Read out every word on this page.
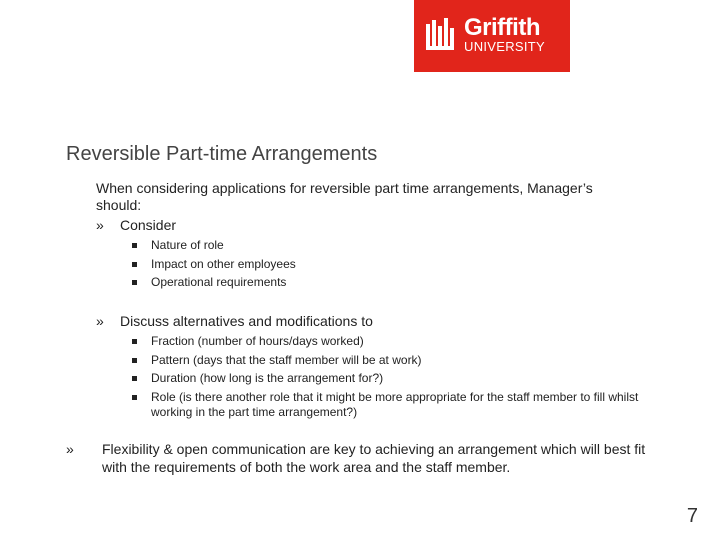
Griffith
UNIVERSITY
Reversible Part-time Arrangements
When considering applications for reversible part time arrangements, Manager’s should:
» Consider
Nature of role
Impact on other employees
Operational requirements
» Discuss alternatives and modifications to
Fraction (number of hours/days worked)
Pattern (days that the staff member will be at work)
Duration (how long is the arrangement for?)
Role (is there another role that it might be more appropriate for the staff member to fill whilst working in the part time arrangement?)
» Flexibility & open communication are key to achieving an arrangement which will best fit with the requirements of both the work area and the staff member.
7
